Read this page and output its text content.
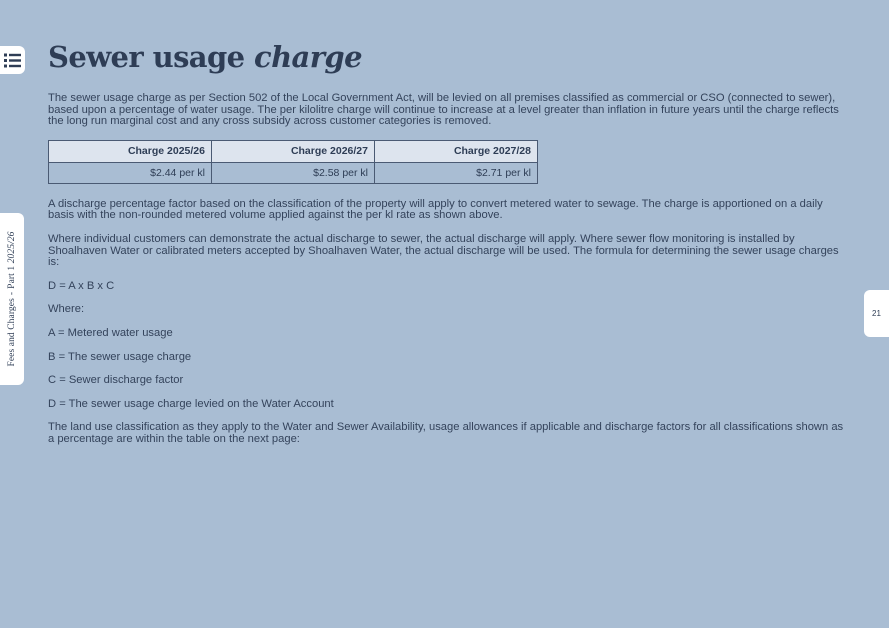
Fees and Charges-Part 1 2025/26
21
Sewer usage charge

The sewer usage charge as per Section 502 of the Local Government Act, will be levied on all premises classified as commercial or CSO (connected to sewer), based upon a percentage of water usage. The per kilolitre charge will continue to increase at a level greater than inflation in future years until the charge reflects the long run marginal cost and any cross subsidy across customer categories is removed.

Charge 2025/26	Charge 2026/27	Charge 2027/28
$2.44 per kl	$2.58 per kl	$2.71 per kl

A discharge percentage factor based on the classification of the property will apply to convert metered water to sewage. The charge is apportioned on a daily basis with the non-rounded metered volume applied against the per kl rate as shown above.

Where individual customers can demonstrate the actual discharge to sewer, the actual discharge will apply. Where sewer flow monitoring is installed by Shoalhaven Water or calibrated meters accepted by Shoalhaven Water, the actual discharge will be used. The formula for determining the sewer usage charges is:

D = A x B x C

Where:

A = Metered water usage

B = The sewer usage charge

C = Sewer discharge factor

D = The sewer usage charge levied on the Water Account

The land use classification as they apply to the Water and Sewer Availability, usage allowances if applicable and discharge factors for all classifications shown as a percentage are within the table on the next page:
